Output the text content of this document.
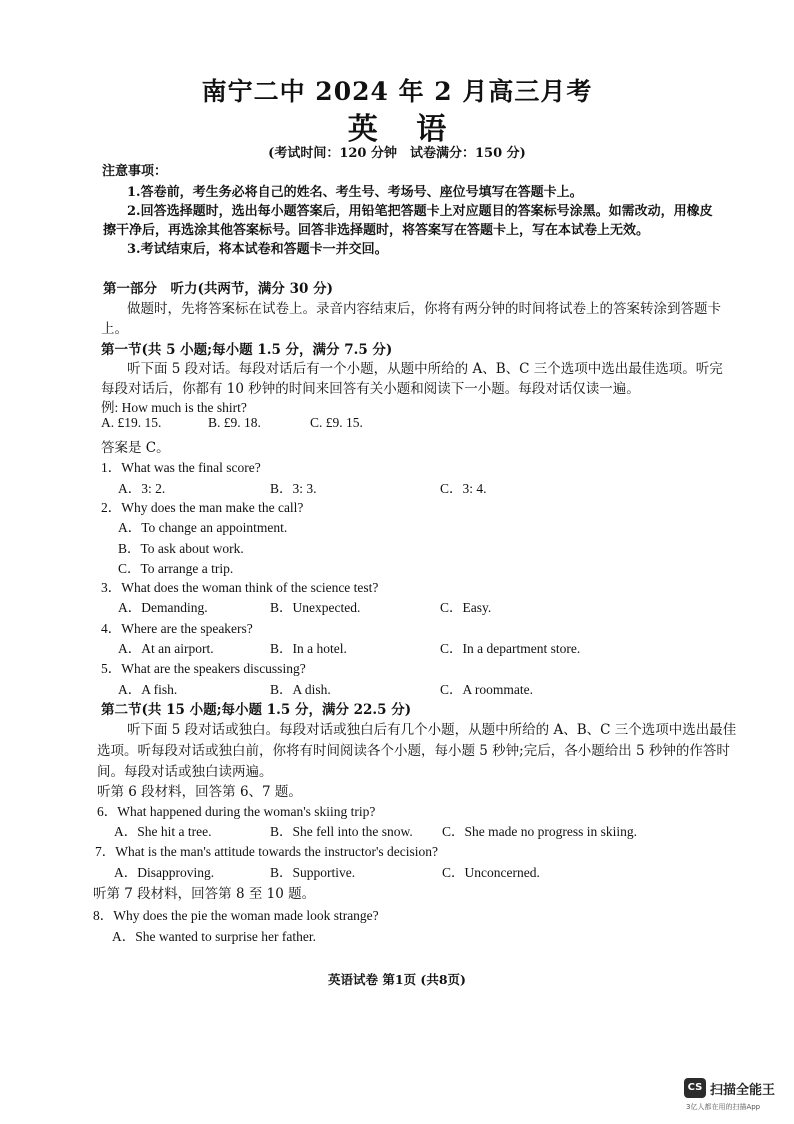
南宁二中 2024 年 2 月高三月考
英 语
(考试时间：120 分钟　试卷满分：150 分)
注意事项：
1.答卷前，考生务必将自己的姓名、考生号、考场号、座位号填写在答题卡上。
2.回答选择题时，选出每小题答案后，用铅笔把答题卡上对应题目的答案标号涂黑。如需改动，用橡皮
擦干净后，再选涂其他答案标号。回答非选择题时，将答案写在答题卡上，写在本试卷上无效。
3.考试结束后，将本试卷和答题卡一并交回。
第一部分　听力(共两节，满分 30 分)
做题时，先将答案标在试卷上。录音内容结束后，你将有两分钟的时间将试卷上的答案转涂到答题卡
上。
第一节(共 5 小题;每小题 1.5 分，满分 7.5 分)
听下面 5 段对话。每段对话后有一个小题，从题中所给的 A、B、C 三个选项中选出最佳选项。听完
每段对话后，你都有 10 秒钟的时间来回答有关小题和阅读下一小题。每段对话仅读一遍。
例: How much is the shirt?
A. £19. 15.	B. £9. 18.	C. £9. 15.
答案是 C。
1．What was the final score?
A．3: 2.	B．3: 3.	C．3: 4.
2．Why does the man make the call?
A．To change an appointment.
B．To ask about work.
C．To arrange a trip.
3．What does the woman think of the science test?
A．Demanding.	B．Unexpected.	C．Easy.
4．Where are the speakers?
A．At an airport.	B．In a hotel.	C．In a department store.
5．What are the speakers discussing?
A．A fish.	B．A dish.	C．A roommate.
第二节(共 15 小题;每小题 1.5 分，满分 22.5 分)
听下面 5 段对话或独白。每段对话或独白后有几个小题，从题中所给的 A、B、C 三个选项中选出最佳
选项。听每段对话或独白前，你将有时间阅读各个小题，每小题 5 秒钟;完后，各小题给出 5 秒钟的作答时
间。每段对话或独白读两遍。
听第 6 段材料，回答第 6、7 题。
6．What happened during the woman's skiing trip?
A．She hit a tree.	B．She fell into the snow. C．She made no progress in skiing.
7．What is the man's attitude towards the instructor's decision?
A．Disapproving.	B．Supportive.	C．Unconcerned.
听第 7 段材料，回答第 8 至 10 题。
8．Why does the pie the woman made look strange?
A．She wanted to surprise her father.
英语试卷 第1页 (共8页)
CS 扫描全能王
3亿人都在用的扫描App
